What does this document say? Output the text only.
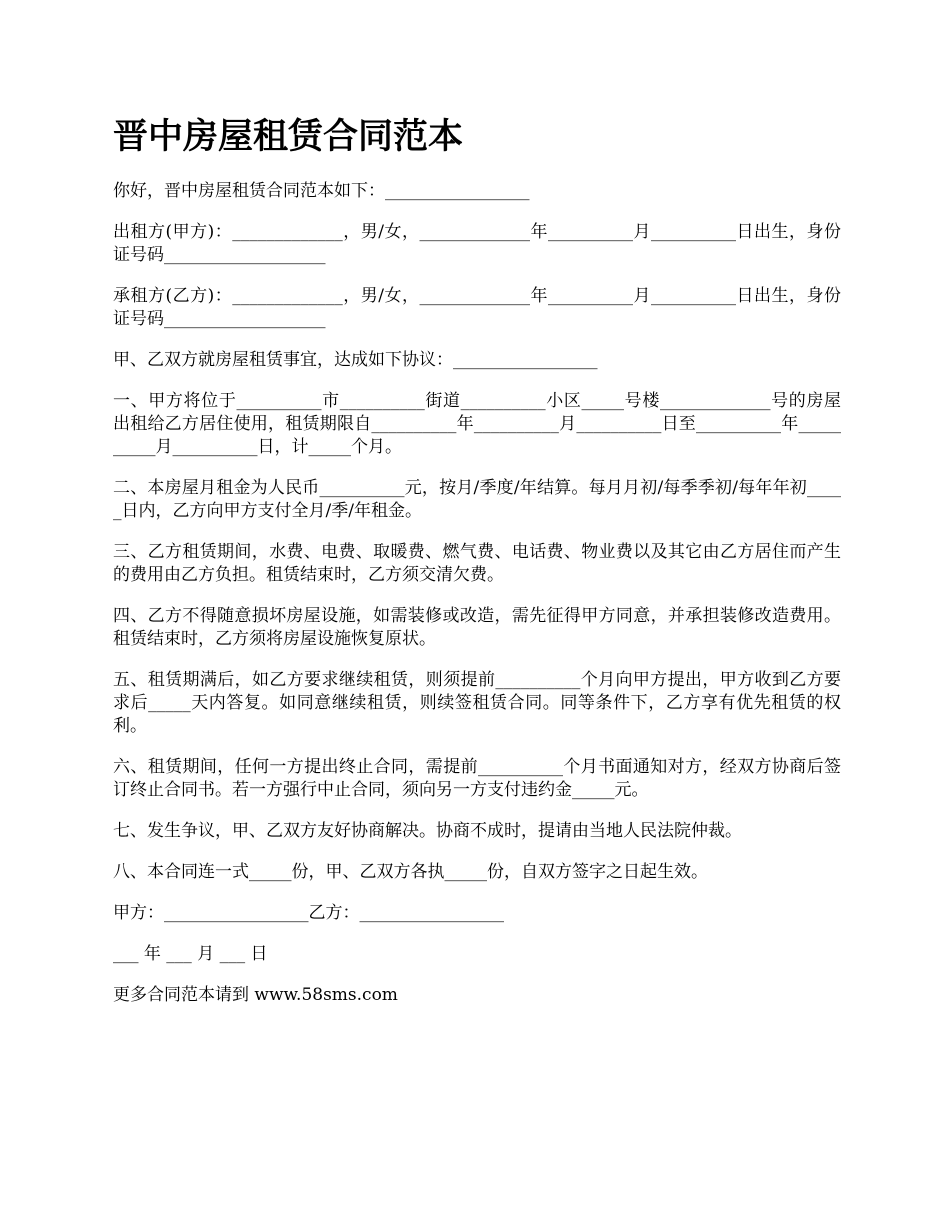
晋中房屋租赁合同范本

你好，晋中房屋租赁合同范本如下：_________________

出租方(甲方)：_____________，男/女，_____________年__________月__________日出生，身份证号码___________________

承租方(乙方)：_____________，男/女，_____________年__________月__________日出生，身份证号码___________________

甲、乙双方就房屋租赁事宜，达成如下协议：_________________

一、甲方将位于__________市__________街道__________小区_____号楼_____________号的房屋出租给乙方居住使用，租赁期限自__________年__________月__________日至__________年__________月__________日，计_____个月。

二、本房屋月租金为人民币__________元，按月/季度/年结算。每月月初/每季季初/每年年初_____日内，乙方向甲方支付全月/季/年租金。

三、乙方租赁期间，水费、电费、取暖费、燃气费、电话费、物业费以及其它由乙方居住而产生的费用由乙方负担。租赁结束时，乙方须交清欠费。

四、乙方不得随意损坏房屋设施，如需装修或改造，需先征得甲方同意，并承担装修改造费用。租赁结束时，乙方须将房屋设施恢复原状。

五、租赁期满后，如乙方要求继续租赁，则须提前__________个月向甲方提出，甲方收到乙方要求后_____天内答复。如同意继续租赁，则续签租赁合同。同等条件下，乙方享有优先租赁的权利。

六、租赁期间，任何一方提出终止合同，需提前__________个月书面通知对方，经双方协商后签订终止合同书。若一方强行中止合同，须向另一方支付违约金_____元。

七、发生争议，甲、乙双方友好协商解决。协商不成时，提请由当地人民法院仲裁。

八、本合同连一式_____份，甲、乙双方各执_____份，自双方签字之日起生效。

甲方：_________________乙方：_________________

___ 年 ___ 月 ___ 日

更多合同范本请到 www.58sms.com
